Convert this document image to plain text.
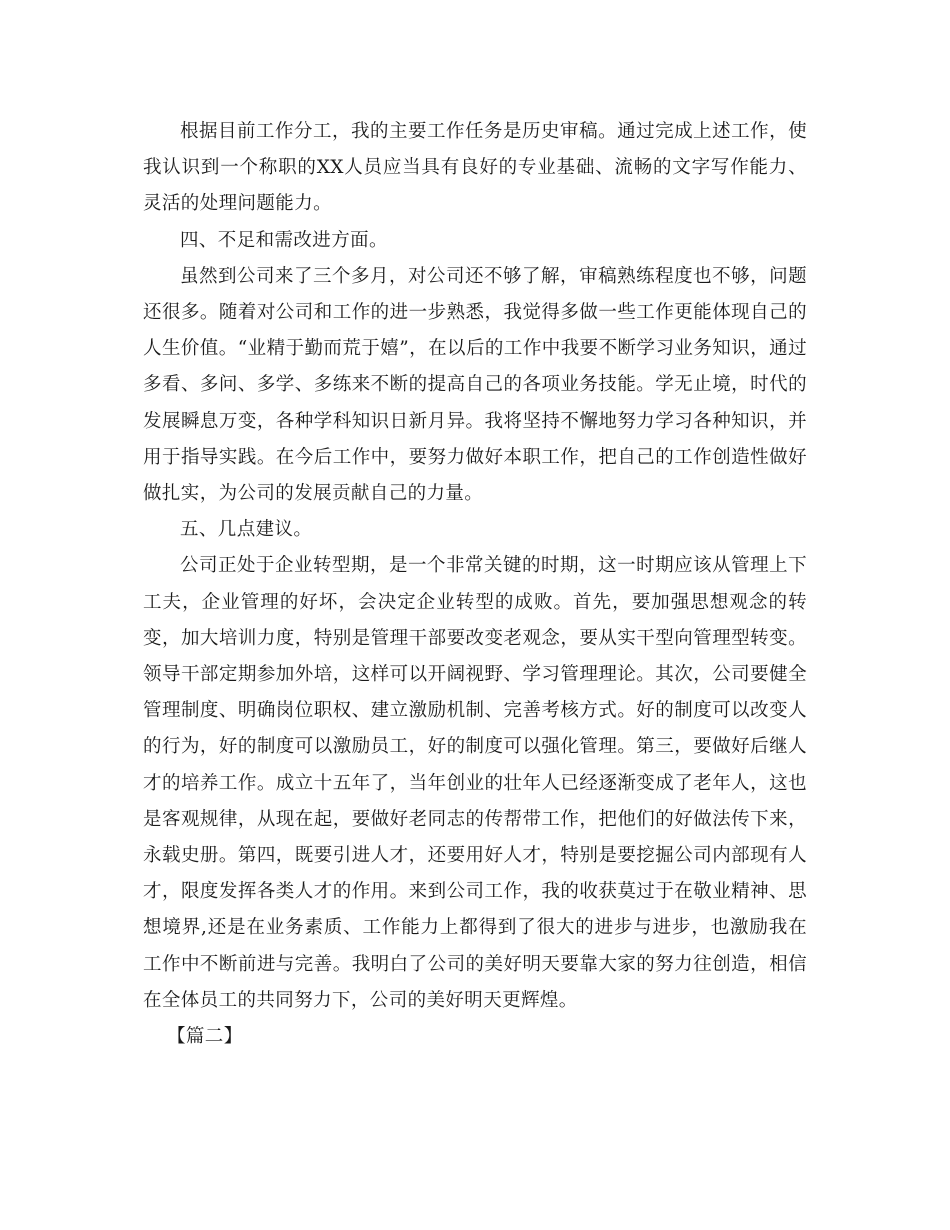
根据目前工作分工，我的主要工作任务是历史审稿。通过完成上述工作，使我认识到一个称职的XX人员应当具有良好的专业基础、流畅的文字写作能力、灵活的处理问题能力。

四、不足和需改进方面。

虽然到公司来了三个多月，对公司还不够了解，审稿熟练程度也不够，问题还很多。随着对公司和工作的进一步熟悉，我觉得多做一些工作更能体现自己的人生价值。“业精于勤而荒于嬉”，在以后的工作中我要不断学习业务知识，通过多看、多问、多学、多练来不断的提高自己的各项业务技能。学无止境，时代的发展瞬息万变，各种学科知识日新月异。我将坚持不懈地努力学习各种知识，并用于指导实践。在今后工作中，要努力做好本职工作，把自己的工作创造性做好做扎实，为公司的发展贡献自己的力量。

五、几点建议。

公司正处于企业转型期，是一个非常关键的时期，这一时期应该从管理上下工夫，企业管理的好坏，会决定企业转型的成败。首先，要加强思想观念的转变，加大培训力度，特别是管理干部要改变老观念，要从实干型向管理型转变。领导干部定期参加外培，这样可以开阔视野、学习管理理论。其次，公司要健全管理制度、明确岗位职权、建立激励机制、完善考核方式。好的制度可以改变人的行为，好的制度可以激励员工，好的制度可以强化管理。第三，要做好后继人才的培养工作。成立十五年了，当年创业的壮年人已经逐渐变成了老年人，这也是客观规律，从现在起，要做好老同志的传帮带工作，把他们的好做法传下来，永载史册。第四，既要引进人才，还要用好人才，特别是要挖掘公司内部现有人才，限度发挥各类人才的作用。来到公司工作，我的收获莫过于在敬业精神、思想境界,还是在业务素质、工作能力上都得到了很大的进步与进步，也激励我在工作中不断前进与完善。我明白了公司的美好明天要靠大家的努力往创造，相信在全体员工的共同努力下，公司的美好明天更辉煌。

【篇二】
